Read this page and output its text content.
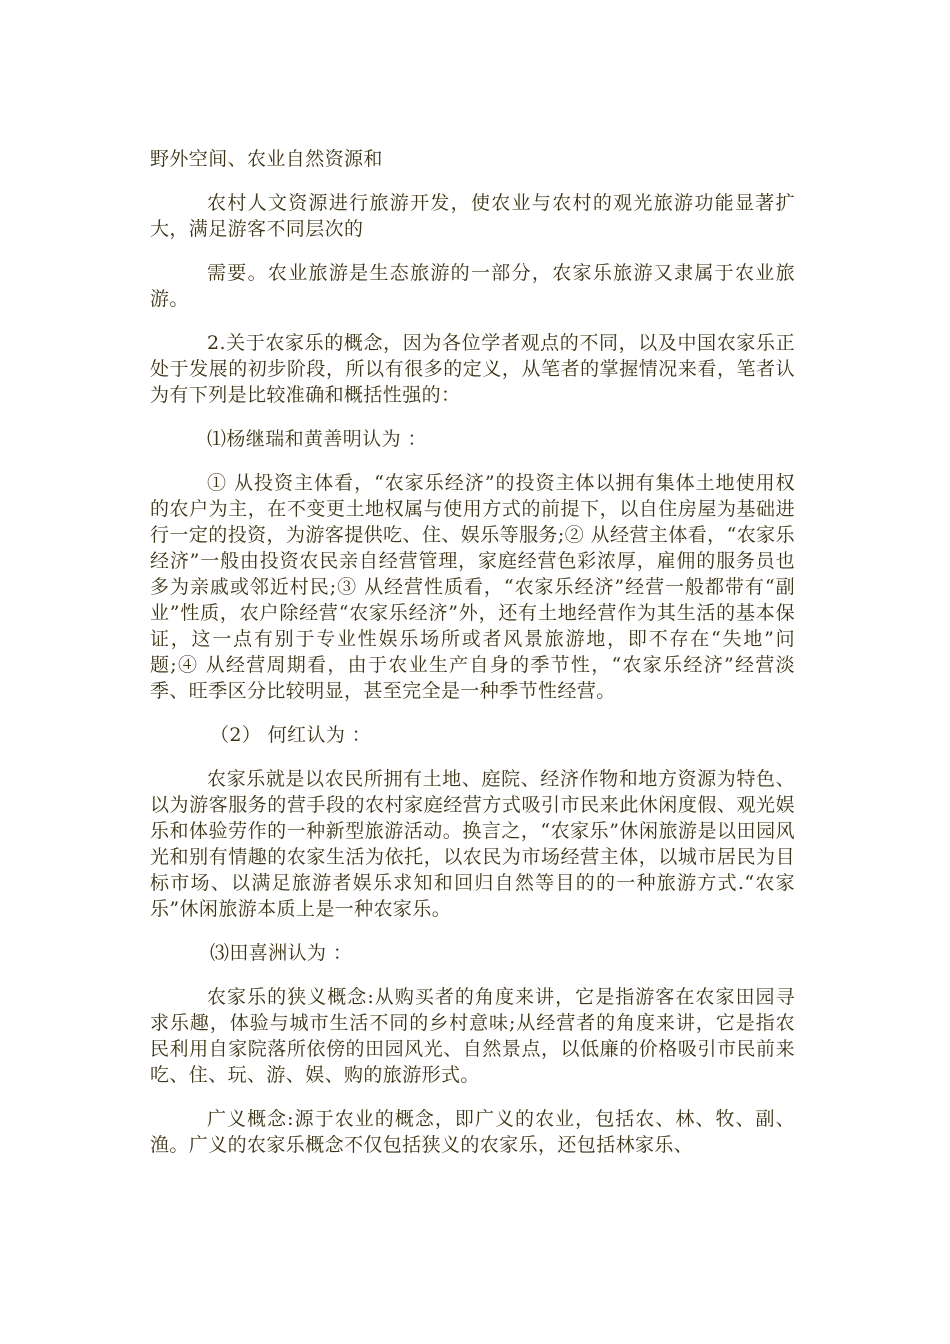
野外空间、农业自然资源和

农村人文资源进行旅游开发，使农业与农村的观光旅游功能显著扩大，满足游客不同层次的

需要。农业旅游是生态旅游的一部分，农家乐旅游又隶属于农业旅游。

2.关于农家乐的概念，因为各位学者观点的不同，以及中国农家乐正处于发展的初步阶段，所以有很多的定义，从笔者的掌握情况来看，笔者认为有下列是比较准确和概括性强的：

⑴杨继瑞和黄善明认为 ：

① 从投资主体看，“农家乐经济”的投资主体以拥有集体土地使用权的农户为主，在不变更土地权属与使用方式的前提下，以自住房屋为基础进行一定的投资，为游客提供吃、住、娱乐等服务;② 从经营主体看，“农家乐经济”一般由投资农民亲自经营管理，家庭经营色彩浓厚，雇佣的服务员也多为亲戚或邻近村民;③ 从经营性质看，“农家乐经济”经营一般都带有“副业”性质，农户除经营“农家乐经济”外，还有土地经营作为其生活的基本保证，这一点有别于专业性娱乐场所或者风景旅游地，即不存在“失地”问题;④ 从经营周期看，由于农业生产自身的季节性，“农家乐经济”经营淡季、旺季区分比较明显，甚至完全是一种季节性经营。

（2） 何红认为 ：

农家乐就是以农民所拥有土地、庭院、经济作物和地方资源为特色、以为游客服务的营手段的农村家庭经营方式吸引市民来此休闲度假、观光娱乐和体验劳作的一种新型旅游活动。换言之，“农家乐”休闲旅游是以田园风光和别有情趣的农家生活为依托，以农民为市场经营主体，以城市居民为目标市场、以满足旅游者娱乐求知和回归自然等目的的一种旅游方式.“农家乐”休闲旅游本质上是一种农家乐。

⑶田喜洲认为 ：

农家乐的狭义概念:从购买者的角度来讲，它是指游客在农家田园寻求乐趣，体验与城市生活不同的乡村意味;从经营者的角度来讲，它是指农民利用自家院落所依傍的田园风光、自然景点，以低廉的价格吸引市民前来吃、住、玩、游、娱、购的旅游形式。

广义概念:源于农业的概念，即广义的农业，包括农、林、牧、副、渔。广义的农家乐概念不仅包括狭义的农家乐，还包括林家乐、
